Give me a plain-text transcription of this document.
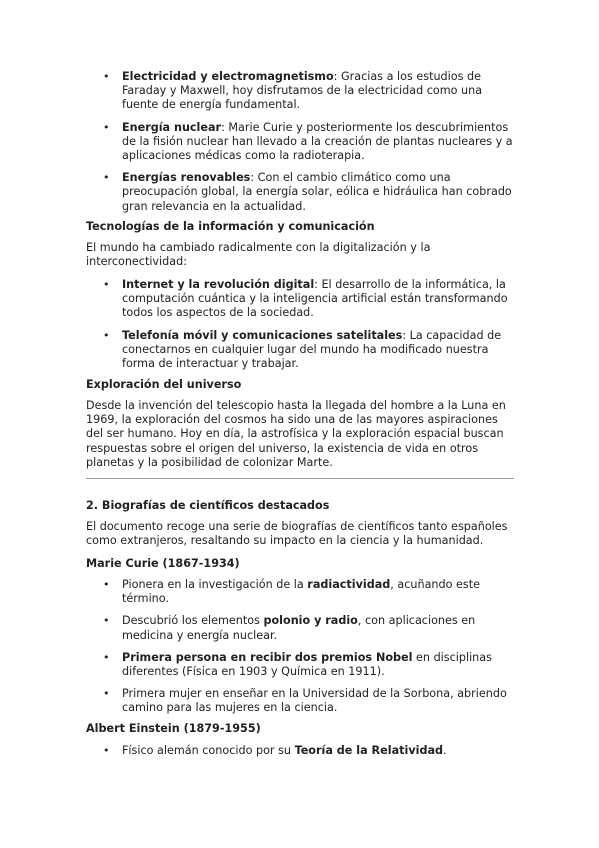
• Electricidad y electromagnetismo: Gracias a los estudios de Faraday y Maxwell, hoy disfrutamos de la electricidad como una fuente de energía fundamental.
• Energía nuclear: Marie Curie y posteriormente los descubrimientos de la fisión nuclear han llevado a la creación de plantas nucleares y a aplicaciones médicas como la radioterapia.
• Energías renovables: Con el cambio climático como una preocupación global, la energía solar, eólica e hidráulica han cobrado gran relevancia en la actualidad.
Tecnologías de la información y comunicación

El mundo ha cambiado radicalmente con la digitalización y la interconectividad:

• Internet y la revolución digital: El desarrollo de la informática, la computación cuántica y la inteligencia artificial están transformando todos los aspectos de la sociedad.
• Telefonía móvil y comunicaciones satelitales: La capacidad de conectarnos en cualquier lugar del mundo ha modificado nuestra forma de interactuar y trabajar.
Exploración del universo

Desde la invención del telescopio hasta la llegada del hombre a la Luna en 1969, la exploración del cosmos ha sido una de las mayores aspiraciones del ser humano. Hoy en día, la astrofísica y la exploración espacial buscan respuestas sobre el origen del universo, la existencia de vida en otros planetas y la posibilidad de colonizar Marte.

2. Biografías de científicos destacados

El documento recoge una serie de biografías de científicos tanto españoles como extranjeros, resaltando su impacto en la ciencia y la humanidad.

Marie Curie (1867-1934)
• Pionera en la investigación de la radiactividad, acuñando este término.
• Descubrió los elementos polonio y radio, con aplicaciones en medicina y energía nuclear.
• Primera persona en recibir dos premios Nobel en disciplinas diferentes (Física en 1903 y Química en 1911).
• Primera mujer en enseñar en la Universidad de la Sorbona, abriendo camino para las mujeres en la ciencia.
Albert Einstein (1879-1955)
• Físico alemán conocido por su Teoría de la Relatividad.
